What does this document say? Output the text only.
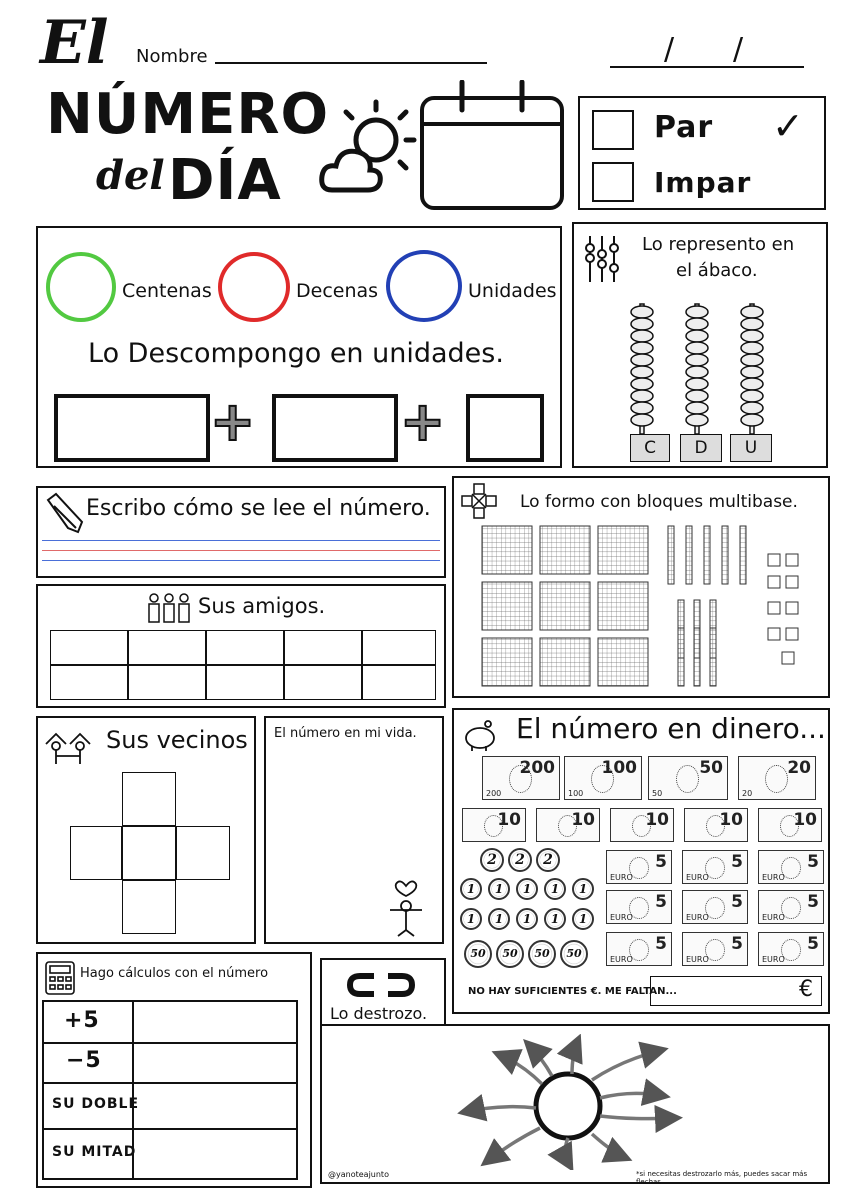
El
NÚMERO
del DÍA
Nombre	/ /
Par ✓
Impar
Centenas	Decenas	Unidades
Lo Descompongo en unidades.
+	+
Lo represento en
el ábaco.
C	D	U
Escribo cómo se lee el número.	Lo formo con bloques multibase.
Sus amigos.
Sus vecinos El número en mi vida.	El número en dinero...
200
200
100
100
50
50
20
20
10	10	10	10	10
2	2	2
1	1	1	1	1
1	1	1	1	1
50	50	50	50
5
EURO
5
EURO
5
EURO
5
EURO
5
EURO
5
EURO
5
EURO
5
EURO
5
EURO
NO HAY SUFICIENTES €. ME FALTAN...	€
Hago cálculos con el número
+5
−5
SU DOBLE
SU MITAD
Lo destrozo.
@yanoteajunto	*si necesitas destrozarlo más, puedes sacar más flechas
